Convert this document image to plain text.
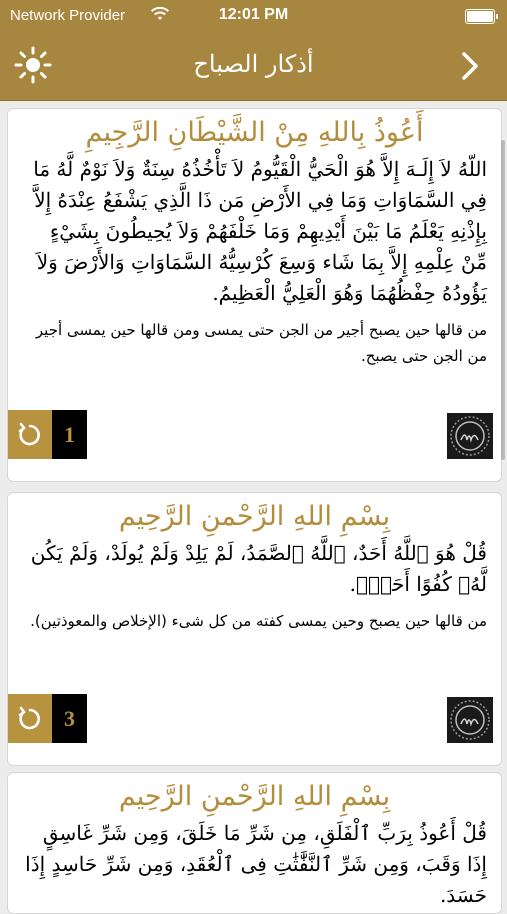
Network Provider	12:01 PM
أذكار الصباح
أَعُوذُ بِاللهِ مِنْ الشَّيْطَانِ الرَّجِيمِ
اللّهُ لاَ إِلَـهَ إِلاَّ هُوَ الْحَيُّ الْقَيُّومُ لاَ تَأْخُذُهُ سِنَةٌ وَلاَ نَوْمٌ لَّهُ مَا فِي السَّمَاوَاتِ وَمَا فِي الأَرْضِ مَن ذَا الَّذِي يَشْفَعُ عِنْدَهُ إِلاَّ بِإِذْنِهِ يَعْلَمُ مَا بَيْنَ أَيْدِيهِمْ وَمَا خَلْفَهُمْ وَلاَ يُحِيطُونَ بِشَيْءٍ مِّنْ عِلْمِهِ إِلاَّ بِمَا شَاء وَسِعَ كُرْسِيُّهُ السَّمَاوَاتِ وَالأَرْضَ وَلاَ يَؤُودُهُ حِفْظُهُمَا وَهُوَ الْعَلِيُّ الْعَظِيمُ.
من قالها حين يصبح أجير من الجن حتى يمسى ومن قالها حين يمسى أجير من الجن حتى يصبح.
1
بِسْمِ اللهِ الرَّحْمنِ الرَّحِيم
قُلْ هُوَ ٱللَّهُ أَحَدٌ، ٱللَّهُ ٱلصَّمَدُ، لَمْ يَلِدْ وَلَمْ يُولَدْ، وَلَمْ يَكُن لَّهُۥ كُفُوًا أَحَدٌۢ.
من قالها حين يصبح وحين يمسى كفته من كل شىء (الإخلاص والمعوذتين).
3
بِسْمِ اللهِ الرَّحْمنِ الرَّحِيم
قُلْ أَعُوذُ بِرَبِّ ٱلْفَلَقِ، مِن شَرِّ مَا خَلَقَ، وَمِن شَرِّ غَاسِقٍ إِذَا وَقَبَ، وَمِن شَرِّ ٱلنَّفَّٰثَٰتِ فِى ٱلْعُقَدِ، وَمِن شَرِّ حَاسِدٍ إِذَا حَسَدَ.
